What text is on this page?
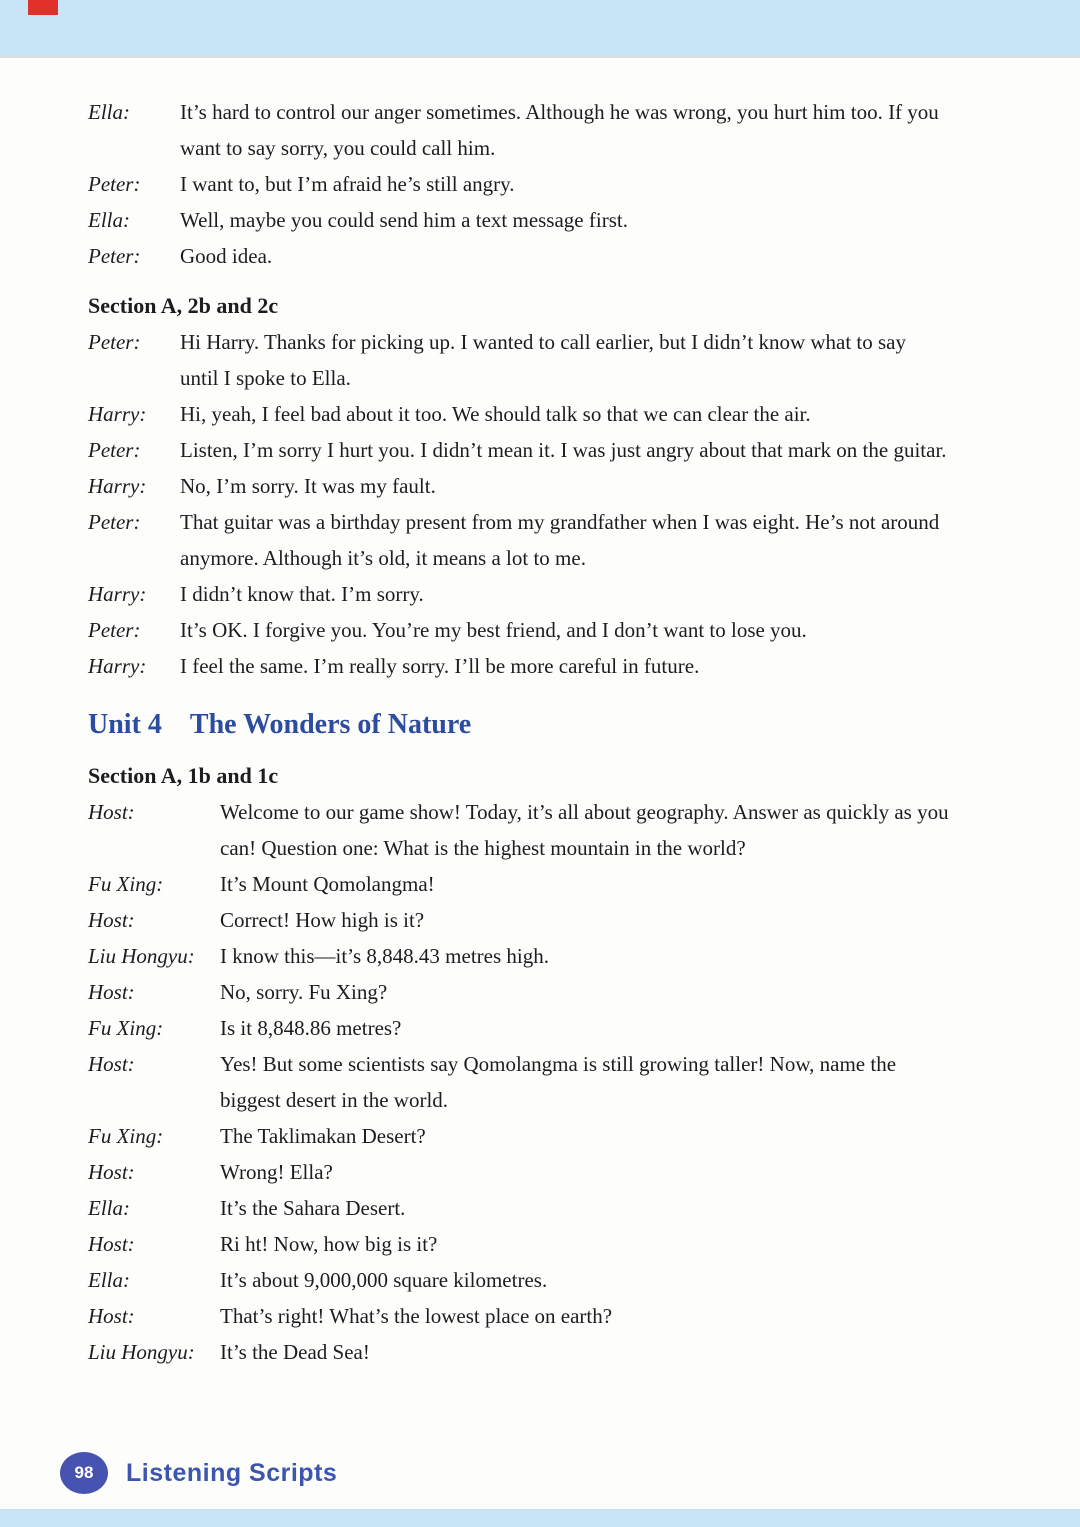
Ella:	It’s hard to control our anger sometimes. Although he was wrong, you hurt him too. If you want to say sorry, you could call him.
Peter:	I want to, but I’m afraid he’s still angry.
Ella:	Well, maybe you could send him a text message first.
Peter:	Good idea.
Section A, 2b and 2c
Peter:	Hi Harry. Thanks for picking up. I wanted to call earlier, but I didn’t know what to say until I spoke to Ella.
Harry:	Hi, yeah, I feel bad about it too. We should talk so that we can clear the air.
Peter:	Listen, I’m sorry I hurt you. I didn’t mean it. I was just angry about that mark on the guitar.
Harry:	No, I’m sorry. It was my fault.
Peter:	That guitar was a birthday present from my grandfather when I was eight. He’s not around anymore. Although it’s old, it means a lot to me.
Harry:	I didn’t know that. I’m sorry.
Peter:	It’s OK. I forgive you. You’re my best friend, and I don’t want to lose you.
Harry:	I feel the same. I’m really sorry. I’ll be more careful in future.
Unit 4 The Wonders of Nature
Section A, 1b and 1c
Host:	Welcome to our game show! Today, it’s all about geography. Answer as quickly as you can! Question one: What is the highest mountain in the world?
Fu Xing:	It’s Mount Qomolangma!
Host:	Correct! How high is it?
Liu Hongyu:	I know this—it’s 8,848.43 metres high.
Host:	No, sorry. Fu Xing?
Fu Xing:	Is it 8,848.86 metres?
Host:	Yes! But some scientists say Qomolangma is still growing taller! Now, name the biggest desert in the world.
Fu Xing:	The Taklimakan Desert?
Host:	Wrong! Ella?
Ella:	It’s the Sahara Desert.
Host:	Ri ht! Now, how big is it?
Ella:	It’s about 9,000,000 square kilometres.
Host:	That’s right! What’s the lowest place on earth?
Liu Hongyu:	It’s the Dead Sea!
98 Listening Scripts
